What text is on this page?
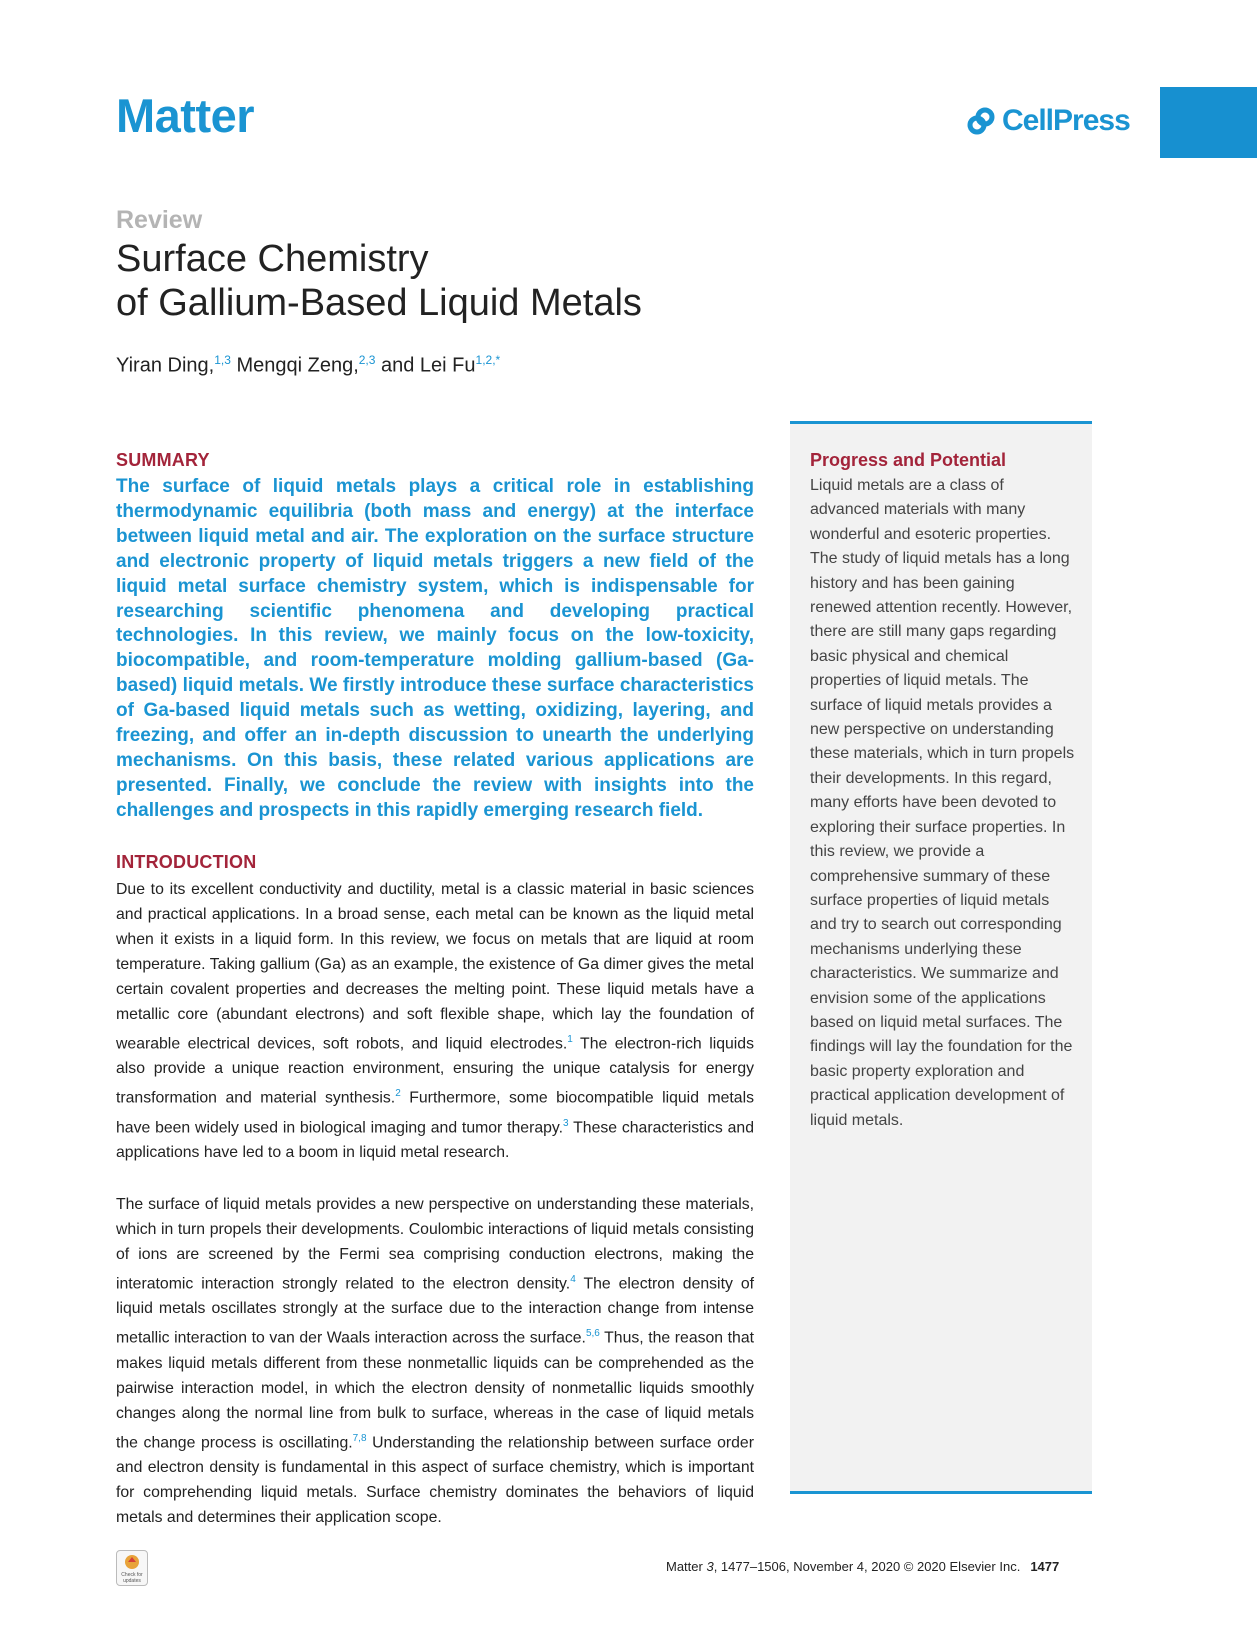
Matter	CellPress
Review
Surface Chemistry
of Gallium-Based Liquid Metals
Yiran Ding,$^{1,3}$ Mengqi Zeng,$^{2,3}$ and Lei $Fu^{1,2,*}$
SUMMARY

The surface of liquid metals plays a critical role in establishing thermodynamic equilibria (both mass and energy) at the interface between liquid metal and air. The exploration on the surface structure and electronic property of liquid metals triggers a new field of the liquid metal surface chemistry system, which is indispensable for researching scientific phenomena and developing practical technologies. In this review, we mainly focus on the low-toxicity, biocompatible, and room-temperature molding gallium-based (Ga-based) liquid metals. We firstly introduce these surface characteristics of Ga-based liquid metals such as wetting, oxidizing, layering, and freezing, and offer an in-depth discussion to unearth the underlying mechanisms. On this basis, these related various applications are presented. Finally, we conclude the review with insights into the challenges and prospects in this rapidly emerging research field.

INTRODUCTION

Due to its excellent conductivity and ductility, metal is a classic material in basic sciences and practical applications. In a broad sense, each metal can be known as the liquid metal when it exists in a liquid form. In this review, we focus on metals that are liquid at room temperature. Taking gallium (Ga) as an example, the existence of Ga dimer gives the metal certain covalent properties and decreases the melting point. These liquid metals have a metallic core (abundant electrons) and soft flexible shape, which lay the foundation of wearable electrical devices, soft robots, and liquid electrodes.$^1$ The electron-rich liquids also provide a unique reaction environment, ensuring the unique catalysis for energy transformation and material synthesis.$^2$ Furthermore, some biocompatible liquid metals have been widely used in biological imaging and tumor therapy.$^3$ These characteristics and applications have led to a boom in liquid metal research.

The surface of liquid metals provides a new perspective on understanding these materials, which in turn propels their developments. Coulombic interactions of liquid metals consisting of ions are screened by the Fermi sea comprising conduction electrons, making the interatomic interaction strongly related to the electron density.$^4$ The electron density of liquid metals oscillates strongly at the surface due to the interaction change from intense metallic interaction to van der Waals interaction across the surface.$^{5,6}$ Thus, the reason that makes liquid metals different from these nonmetallic liquids can be comprehended as the pairwise interaction model, in which the electron density of nonmetallic liquids smoothly changes along the normal line from bulk to surface, whereas in the case of liquid metals the change process is oscillating.$^{7,8}$ Understanding the relationship between surface order and electron density is fundamental in this aspect of surface chemistry, which is important for comprehending liquid metals. Surface chemistry dominates the behaviors of liquid metals and determines their application scope.

Progress and Potential

Liquid metals are a class of advanced materials with many wonderful and esoteric properties. The study of liquid metals has a long history and has been gaining renewed attention recently. However, there are still many gaps regarding basic physical and chemical properties of liquid metals. The surface of liquid metals provides a new perspective on understanding these materials, which in turn propels their developments. In this regard, many efforts have been devoted to exploring their surface properties. In this review, we provide a comprehensive summary of these surface properties of liquid metals and try to search out corresponding mechanisms underlying these characteristics. We summarize and envision some of the applications based on liquid metal surfaces. The findings will lay the foundation for the basic property exploration and practical application development of liquid metals.

Check for
updates
Matter 3, 1477–1506, November 4, 2020 © 2020 Elsevier Inc. 1477
